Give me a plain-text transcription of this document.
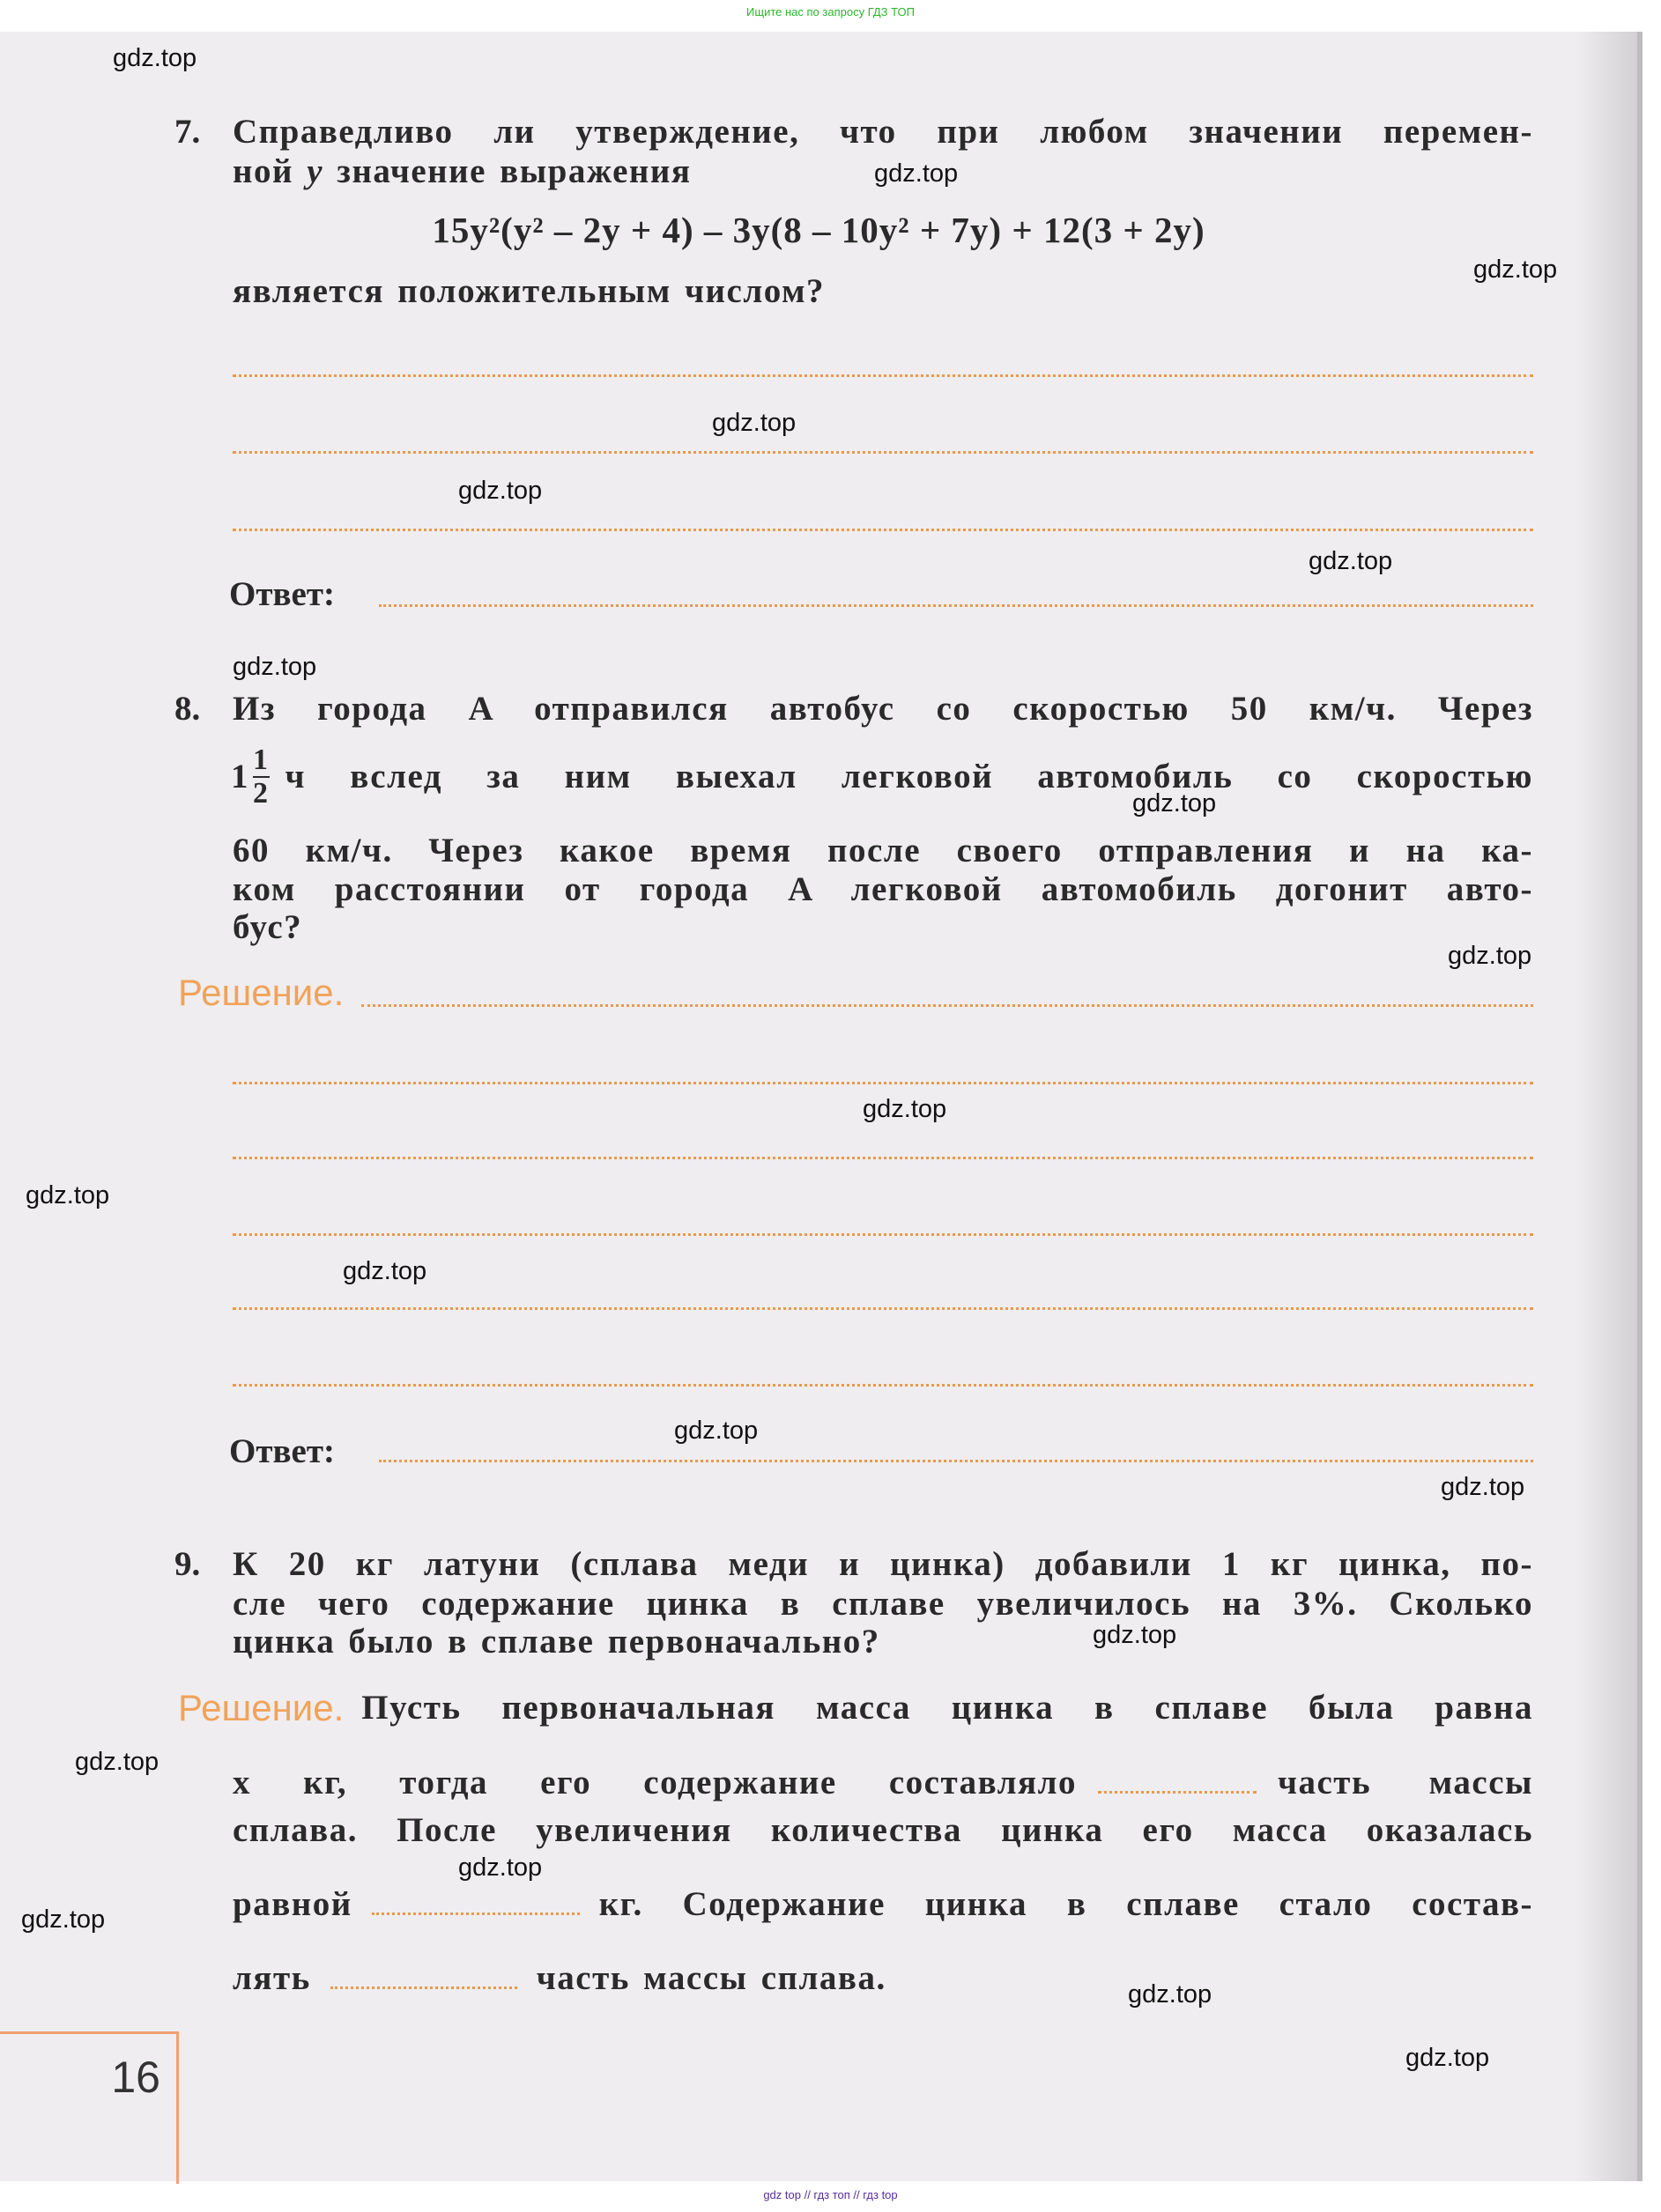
Ищите нас по запросу ГДЗ ТОП
7. Справедливо ли утверждение, что при любом значении перемен-
ной y значение выражения
15y²(y² – 2y + 4) – 3y(8 – 10y² + 7y) + 12(3 + 2y)
является положительным числом?
Ответ:
8. Из города A отправился автобус со скоростью 50 км/ч. Через
$1 \frac{1}{2}$ ч вслед за ним выехал легковой автомобиль со скоростью
60 км/ч. Через какое время после своего отправления и на ка-
ком расстоянии от города A легковой автомобиль догонит авто-
бус?
Решение.
Ответ:
9. К 20 кг латуни (сплава меди и цинка) добавили 1 кг цинка, по-
сле чего содержание цинка в сплаве увеличилось на 3%. Сколько
цинка было в сплаве первоначально?
Решение. Пусть первоначальная масса цинка в сплаве была равна
x кг, тогда его содержание составляло	часть массы
сплава. После увеличения количества цинка его масса оказалась
равной	кг. Содержание цинка в сплаве стало состав-
лять	часть массы сплава.
16
gdz.top
gdz.top
gdz.top
gdz.top
gdz.top
gdz.top
gdz.top
gdz.top
gdz.top
gdz.top
gdz.top
gdz.top
gdz.top
gdz.top
gdz.top
gdz.top
gdz.top
gdz.top
gdz.top
gdz.top
gdz top // гдз топ // гдз top
